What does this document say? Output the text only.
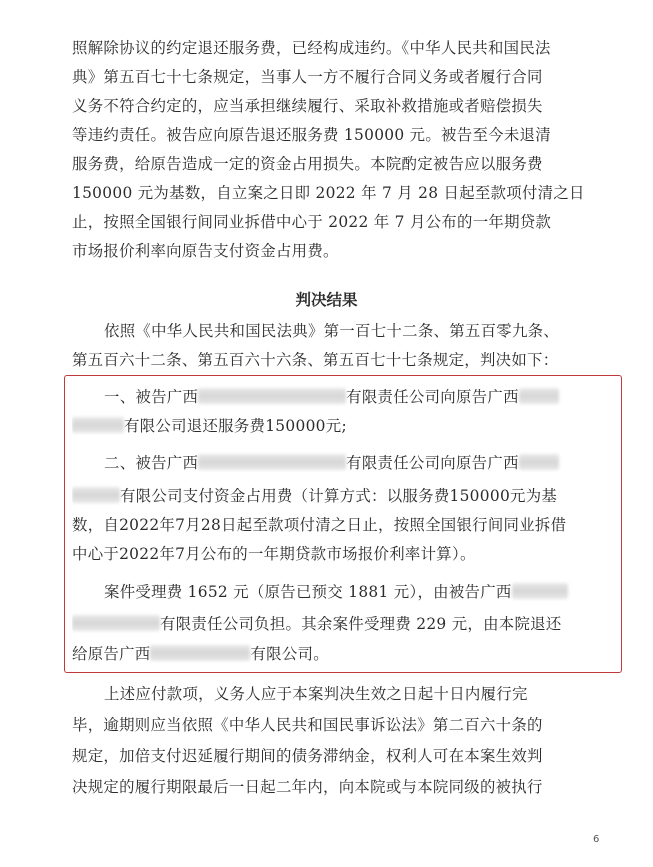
照解除协议的约定退还服务费，已经构成违约。《中华人民共和国民法
典》第五百七十七条规定，当事人一方不履行合同义务或者履行合同
义务不符合约定的，应当承担继续履行、采取补救措施或者赔偿损失
等违约责任。被告应向原告退还服务费 150000 元。被告至今未退清
服务费，给原告造成一定的资金占用损失。本院酌定被告应以服务费
150000 元为基数，自立案之日即 2022 年 7 月 28 日起至款项付清之日
止，按照全国银行间同业拆借中心于 2022 年 7 月公布的一年期贷款
市场报价利率向原告支付资金占用费。
判决结果
依照《中华人民共和国民法典》第一百七十二条、第五百零九条、
第五百六十二条、第五百六十六条、第五百七十七条规定，判决如下：
一、被告广西	有限责任公司向原告广西
有限公司退还服务费150000元;
二、被告广西	有限责任公司向原告广西
有限公司支付资金占用费（计算方式：以服务费150000元为基
数，自2022年7月28日起至款项付清之日止，按照全国银行间同业拆借
中心于2022年7月公布的一年期贷款市场报价利率计算）。
案件受理费 1652 元（原告已预交 1881 元），由被告广西
有限责任公司负担。其余案件受理费 229 元，由本院退还
给原告广西	有限公司。
上述应付款项，义务人应于本案判决生效之日起十日内履行完
毕，逾期则应当依照《中华人民共和国民事诉讼法》第二百六十条的
规定，加倍支付迟延履行期间的债务滞纳金，权利人可在本案生效判
决规定的履行期限最后一日起二年内，向本院或与本院同级的被执行
6
